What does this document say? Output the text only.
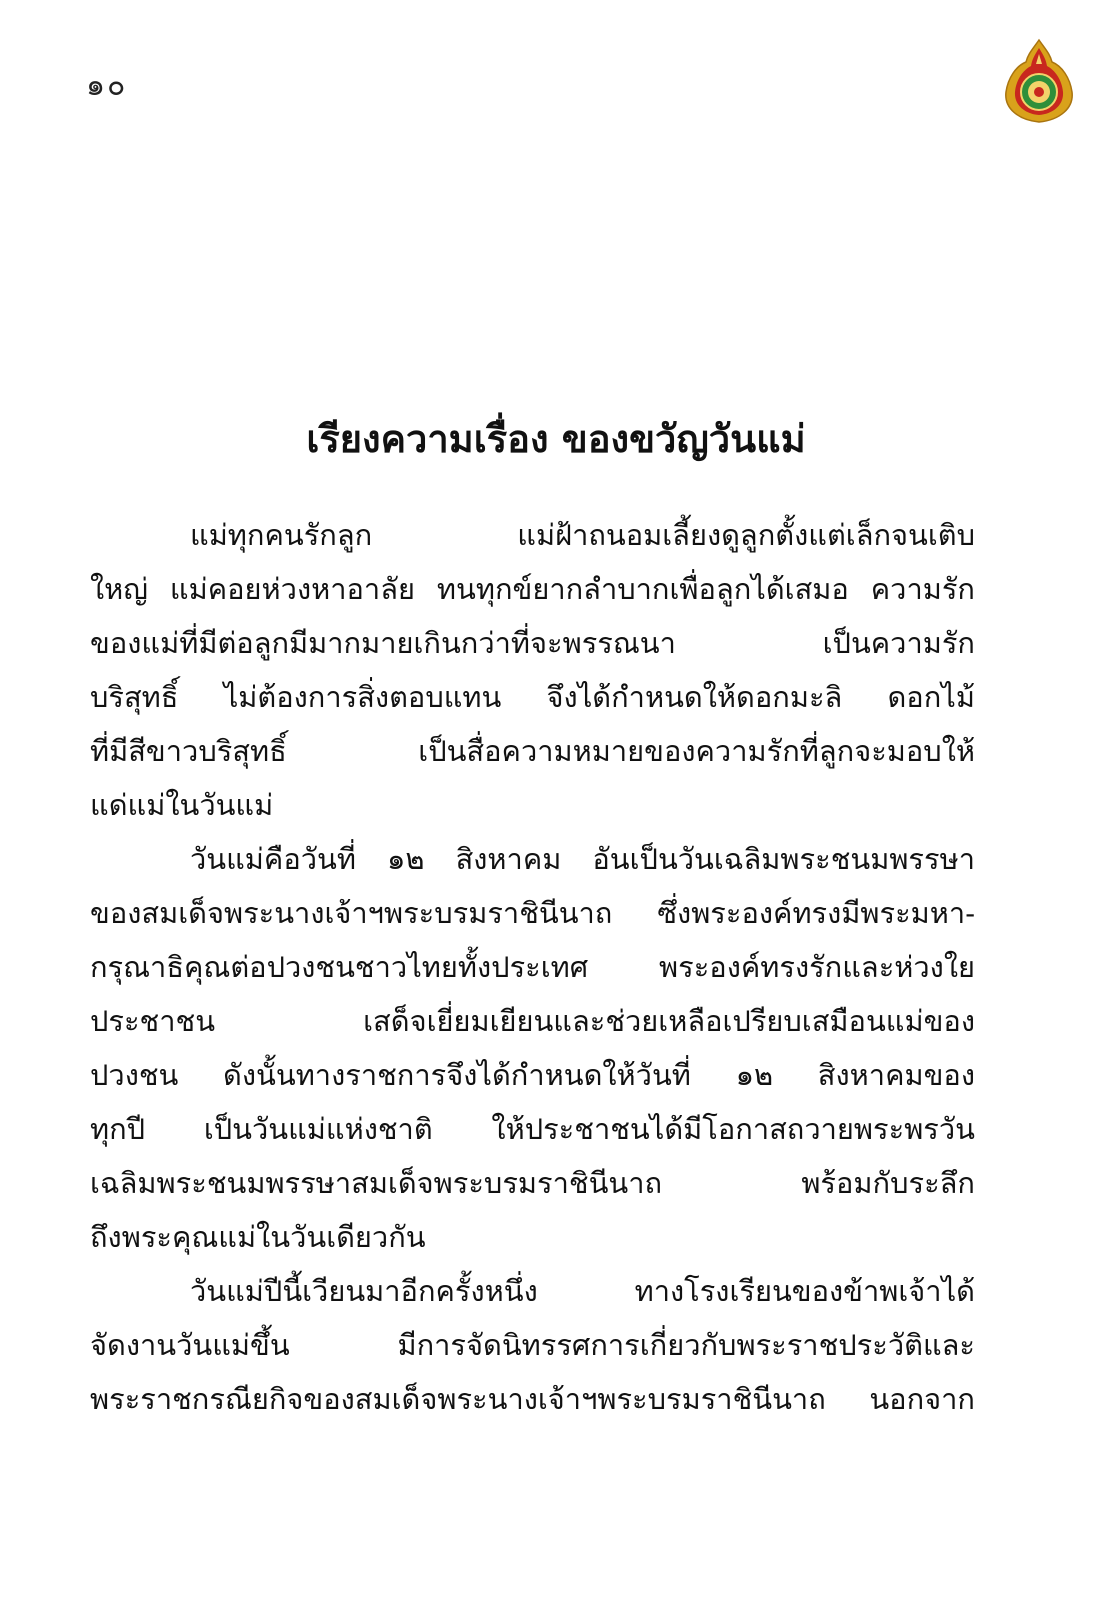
๑๐
เรียงความเรื่อง ของขวัญวันแม่
แม่ทุกคนรักลูก แม่ฝ้าถนอมเลี้ยงดูลูกตั้งแต่เล็กจนเติบ
ใหญ่ แม่คอยห่วงหาอาลัย ทนทุกข์ยากลำบากเพื่อลูกได้เสมอ ความรัก
ของแม่ที่มีต่อลูกมีมากมายเกินกว่าที่จะพรรณนา เป็นความรัก
บริสุทธิ์ ไม่ต้องการสิ่งตอบแทน จึงได้กำหนดให้ดอกมะลิ ดอกไม้
ที่มีสีขาวบริสุทธิ์ เป็นสื่อความหมายของความรักที่ลูกจะมอบให้
แด่แม่ในวันแม่
วันแม่คือวันที่ ๑๒ สิงหาคม อันเป็นวันเฉลิมพระชนมพรรษา
ของสมเด็จพระนางเจ้าฯพระบรมราชินีนาถ ซึ่งพระองค์ทรงมีพระมหา-
กรุณาธิคุณต่อปวงชนชาวไทยทั้งประเทศ พระองค์ทรงรักและห่วงใย
ประชาชน เสด็จเยี่ยมเยียนและช่วยเหลือเปรียบเสมือนแม่ของ
ปวงชน ดังนั้นทางราชการจึงได้กำหนดให้วันที่ ๑๒ สิงหาคมของ
ทุกปี เป็นวันแม่แห่งชาติ ให้ประชาชนได้มีโอกาสถวายพระพรวัน
เฉลิมพระชนมพรรษาสมเด็จพระบรมราชินีนาถ พร้อมกับระลึก
ถึงพระคุณแม่ในวันเดียวกัน
วันแม่ปีนี้เวียนมาอีกครั้งหนึ่ง ทางโรงเรียนของข้าพเจ้าได้
จัดงานวันแม่ขึ้น มีการจัดนิทรรศการเกี่ยวกับพระราชประวัติและ
พระราชกรณียกิจของสมเด็จพระนางเจ้าฯพระบรมราชินีนาถ นอกจาก
